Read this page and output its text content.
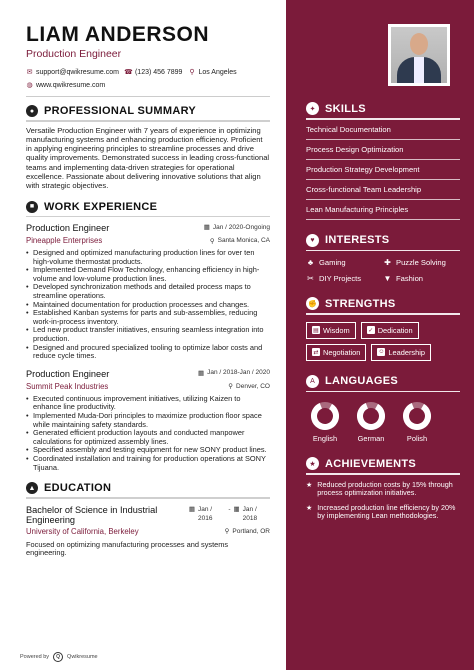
LIAM ANDERSON
Production Engineer
✉ support@qwikresume.com ☎ (123) 456 7899 ⚲ Los Angeles
◍ www.qwikresume.com
● PROFESSIONAL SUMMARY

Versatile Production Engineer with 7 years of experience in optimizing manufacturing systems and enhancing production efficiency. Proficient in applying engineering principles to streamline processes and drive quality improvements. Demonstrated success in leading cross-functional teams and implementing data-driven strategies for operational excellence. Passionate about delivering innovative solutions that align with strategic objectives.

■ WORK EXPERIENCE
Production Engineer	▦ Jan / 2020-Ongoing
Pineapple Enterprises	⚲ Santa Monica, CA
• Designed and optimized manufacturing production lines for over ten high-volume thermostat products.
• Implemented Demand Flow Technology, enhancing efficiency in high-volume and low-volume production lines.
• Developed synchronization methods and detailed process maps to streamline operations.
• Maintained documentation for production processes and changes.
• Established Kanban systems for parts and sub-assemblies, reducing work-in-process inventory.
• Led new product transfer initiatives, ensuring seamless integration into production.
• Designed and procured specialized tooling to optimize labor costs and reduce cycle times.
Production Engineer	▦ Jan / 2018-Jan / 2020
Summit Peak Industries	⚲ Denver, CO
• Executed continuous improvement initiatives, utilizing Kaizen to enhance line productivity.
• Implemented Muda-Dori principles to maximize production floor space while maintaining safety standards.
• Generated efficient production layouts and conducted manpower calculations for optimized assembly lines.
• Specified assembly and testing equipment for new SONY product lines.
• Coordinated installation and training for production operations at SONY Tijuana.
▲ EDUCATION
Bachelor of Science in Industrial Engineering
▦ Jan / 2016
- ▦ Jan / 2018
University of California, Berkeley	⚲ Portland, OR

Focused on optimizing manufacturing processes and systems engineering.

Powered by	Q	Qwikresume
✦ SKILLS
Technical Documentation
Process Design Optimization
Production Strategy Development
Cross-functional Team Leadership
Lean Manufacturing Principles
♥ INTERESTS
♣ Gaming	✚ Puzzle Solving
✂ DIY Projects	▼ Fashion
✊ STRENGTHS
▤ Wisdom	✓ Dedication
⇄ Negotiation	☺ Leadership
A LANGUAGES
English	German	Polish
★ ACHIEVEMENTS
★ Reduced production costs by 15% through process optimization initiatives.
★ Increased production line efficiency by 20% by implementing Lean methodologies.
